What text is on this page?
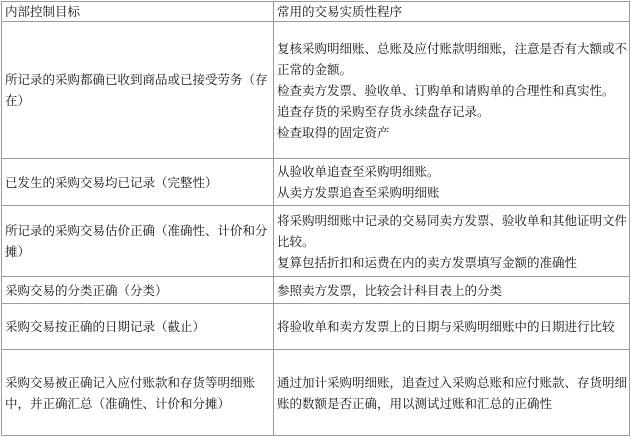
内部控制目标	常用的交易实质性程序
所记录的采购都确已收到商品或已接受劳务（存在）	复核采购明细账、总账及应付账款明细账，注意是否有大额或不正常的金额。
检查卖方发票、验收单、订购单和请购单的合理性和真实性。
追查存货的采购至存货永续盘存记录。
检查取得的固定资产

已发生的采购交易均已记录（完整性）	从验收单追查至采购明细账。
从卖方发票追查至采购明细账

所记录的采购交易估价正确（准确性、计价和分摊）	将采购明细账中记录的交易同卖方发票、验收单和其他证明文件比较。
复算包括折扣和运费在内的卖方发票填写金额的准确性

采购交易的分类正确（分类）	参照卖方发票，比较会计科目表上的分类

采购交易按正确的日期记录（截止）	将验收单和卖方发票上的日期与采购明细账中的日期进行比较

采购交易被正确记入应付账款和存货等明细账中，并正确汇总（准确性、计价和分摊）	通过加计采购明细账，追查过入采购总账和应付账款、存货明细账的数额是否正确，用以测试过账和汇总的正确性
